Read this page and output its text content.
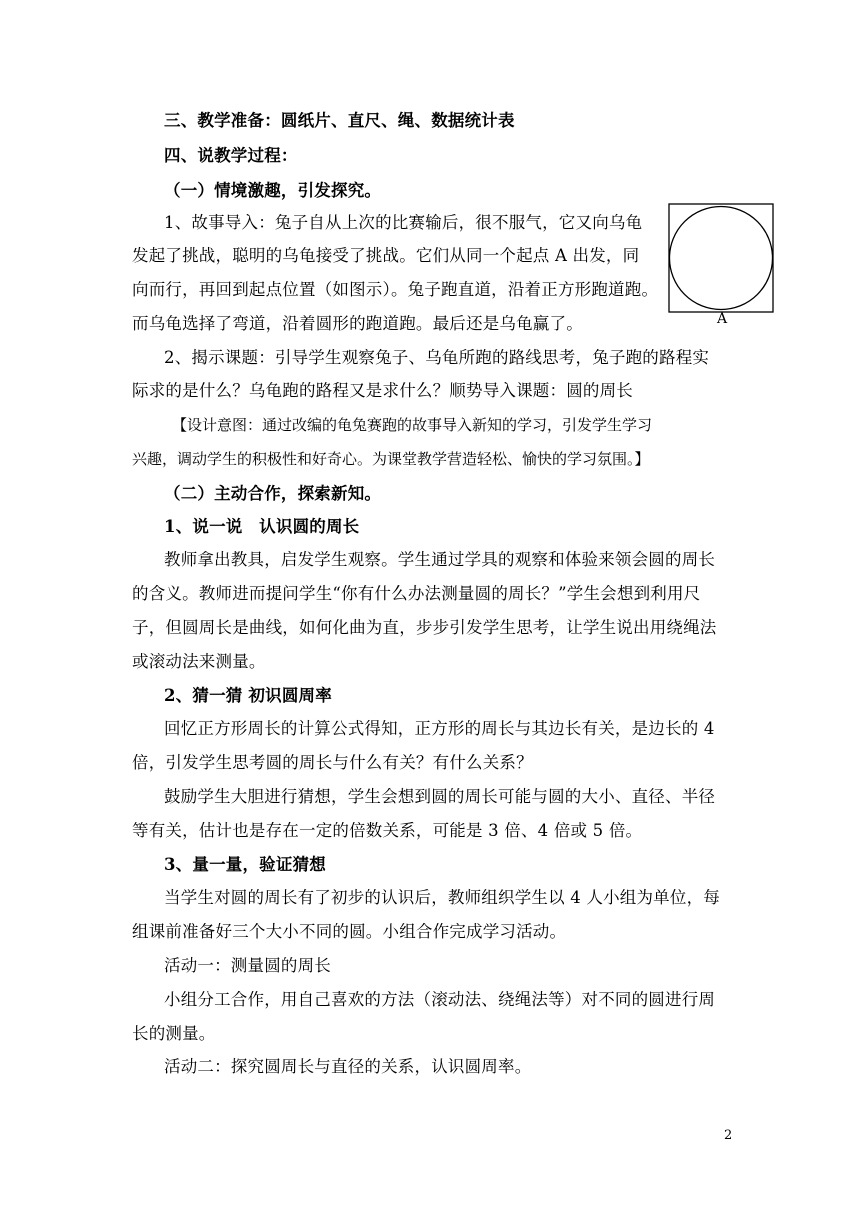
三、教学准备：圆纸片、直尺、绳、数据统计表
四、说教学过程：
（一）情境激趣，引发探究。
1、故事导入：兔子自从上次的比赛输后，很不服气，它又向乌龟
发起了挑战，聪明的乌龟接受了挑战。它们从同一个起点 A 出发，同
向而行，再回到起点位置（如图示）。兔子跑直道，沿着正方形跑道跑。
而乌龟选择了弯道，沿着圆形的跑道跑。最后还是乌龟赢了。
2、揭示课题：引导学生观察兔子、乌龟所跑的路线思考，兔子跑的路程实
际求的是什么？乌龟跑的路程又是求什么？顺势导入课题：圆的周长
【设计意图：通过改编的龟兔赛跑的故事导入新知的学习，引发学生学习
兴趣，调动学生的积极性和好奇心。为课堂教学营造轻松、愉快的学习氛围。】
（二）主动合作，探索新知。
1、说一说　认识圆的周长
教师拿出教具，启发学生观察。学生通过学具的观察和体验来领会圆的周长
的含义。教师进而提问学生“你有什么办法测量圆的周长？”学生会想到利用尺
子，但圆周长是曲线，如何化曲为直，步步引发学生思考，让学生说出用绕绳法
或滚动法来测量。
2、猜一猜 初识圆周率
回忆正方形周长的计算公式得知，正方形的周长与其边长有关，是边长的 4
倍，引发学生思考圆的周长与什么有关？有什么关系？
鼓励学生大胆进行猜想，学生会想到圆的周长可能与圆的大小、直径、半径
等有关，估计也是存在一定的倍数关系，可能是 3 倍、4 倍或 5 倍。
3、量一量，验证猜想
当学生对圆的周长有了初步的认识后，教师组织学生以 4 人小组为单位，每
组课前准备好三个大小不同的圆。小组合作完成学习活动。
活动一：测量圆的周长
小组分工合作，用自己喜欢的方法（滚动法、绕绳法等）对不同的圆进行周
长的测量。
活动二：探究圆周长与直径的关系，认识圆周率。
A
2
